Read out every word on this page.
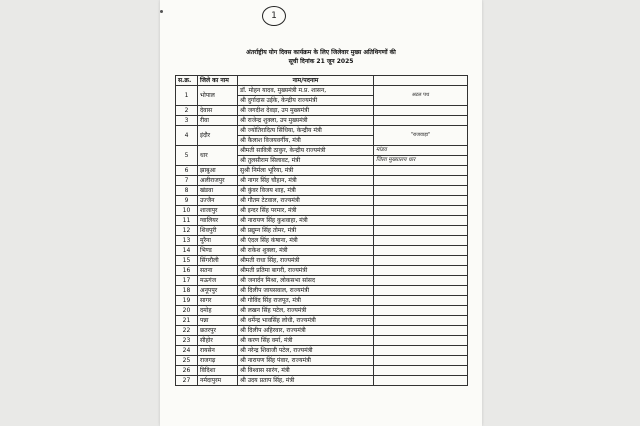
1
अंतर्राष्ट्रीय योग दिवस कार्यक्रम के लिए जिलेवार मुख्य अतिथिगणों की
सूची दिनांक 21 जून 2025
स.क्र.	जिले का नाम	नाम/पदनाम	
1	भोपाल	डॉ. मोहन यादव, मुख्यमंत्री म.प्र. शासन,	अटल पथ
		श्री दुर्गादास उईके, केन्द्रीय राज्यमंत्री	
2	देवास	श्री जगदीश देवड़ा, उप मुख्यमंत्री	
3	रीवा	श्री राजेन्द्र शुक्ला, उप मुख्यमंत्री	
4	इंदौर	श्री ज्योतिरादित्य सिंधिया, केन्द्रीय मंत्री	"राजवाड़ा"
		श्री कैलाश विजयवर्गीय, मंत्री	
5	धार	श्रीमती सावित्री ठाकुर, केन्द्रीय राज्यमंत्री	मांडव
		श्री तुलसीराम सिलावट, मंत्री	जिला मुख्यालय धार
6	झाबुआ	सुश्री निर्मला भूरिया, मंत्री	
7	अलीराजपुर	श्री नागर सिंह चौहान, मंत्री	
8	खंडवा	श्री कुंवर विजय शाह, मंत्री	
9	उज्जैन	श्री गौतम टेटवाल, राज्यमंत्री	
10	शाजापुर	श्री इन्दर सिंह परमार, मंत्री	
11	ग्वालियर	श्री नारायण सिंह कुशवाहा, मंत्री	
12	शिवपुरी	श्री प्रद्युम्न सिंह तोमर, मंत्री	
13	मुरैना	श्री एंदल सिंह कंषाना, मंत्री	
14	भिण्ड	श्री राकेश शुक्ला, मंत्री	
15	सिंगरौली	श्रीमती राधा सिंह, राज्यमंत्री	
16	सतना	श्रीमती प्रतिमा बागरी, राज्यमंत्री	
17	मऊगंज	श्री जनार्दन मिश्रा, लोकसभा सांसद	
18	अनूपपुर	श्री दिलीप जायसवाल, राज्यमंत्री	
19	सागर	श्री गोविंद सिंह राजपूत, मंत्री	
20	दमोह	श्री लखन सिंह पटेल, राज्यमंत्री	
21	पन्ना	श्री धर्मेन्द्र भावसिंह लोधी, राज्यमंत्री	
22	छतरपुर	श्री दिलीप अहिरवार, राज्यमंत्री	
23	सीहोर	श्री करण सिंह वर्मा, मंत्री	
24	रायसेन	श्री नरेन्द्र शिवाजी पटेल, राज्यमंत्री	
25	राजगढ़	श्री नारायण सिंह पंवार, राज्यमंत्री	
26	विदिशा	श्री विश्वास सारंग, मंत्री	
27	नर्मदापुरम	श्री उदय प्रताप सिंह, मंत्री	
